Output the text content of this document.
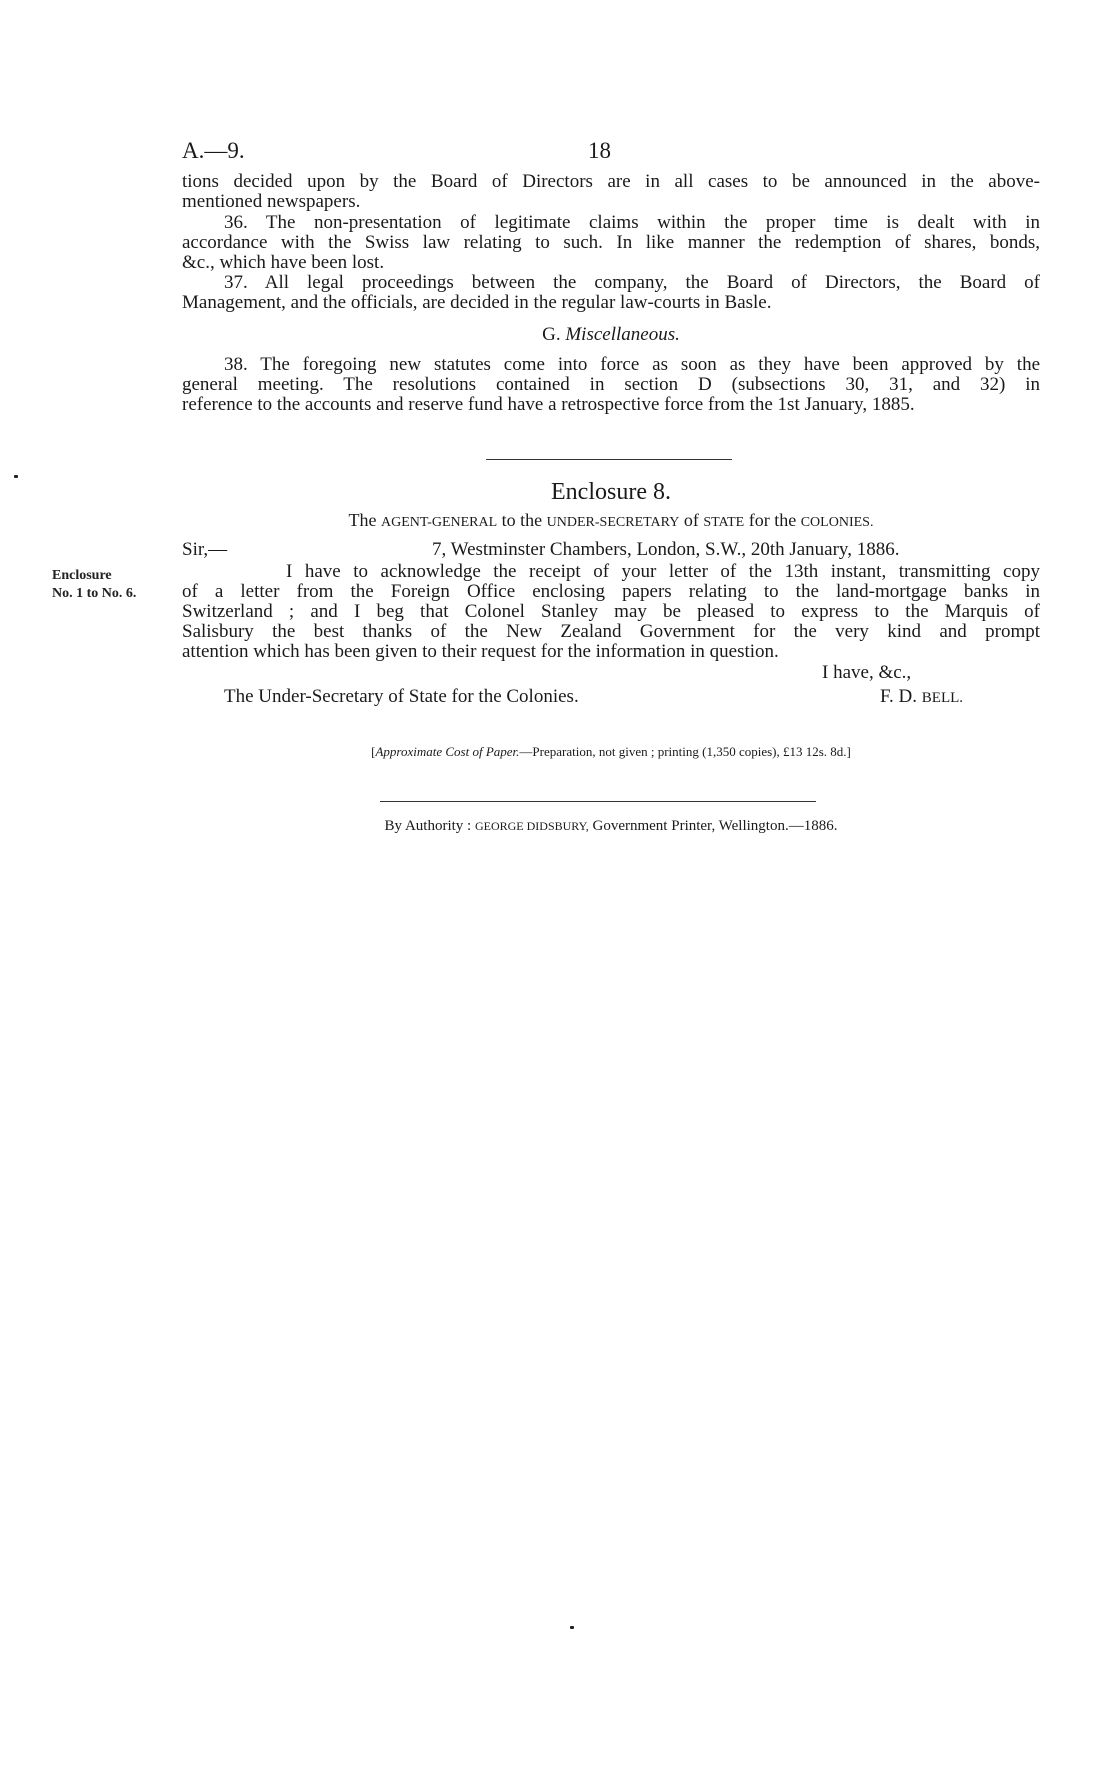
A.—9.	18
tions decided upon by the Board of Directors are in all cases to be announced in the above-
mentioned newspapers.
36. The non-presentation of legitimate claims within the proper time is dealt with in
accordance with the Swiss law relating to such. In like manner the redemption of shares, bonds,
&c., which have been lost.
37. All legal proceedings between the company, the Board of Directors, the Board of
Management, and the officials, are decided in the regular law-courts in Basle.
G. Miscellaneous.
38. The foregoing new statutes come into force as soon as they have been approved by the
general meeting. The resolutions contained in section D (subsections 30, 31, and 32) in
reference to the accounts and reserve fund have a retrospective force from the 1st January, 1885.
Enclosure 8.
The AGENT-GENERAL to the UNDER-SECRETARY of STATE for the COLONIES.
Sir,—	7, Westminster Chambers, London, S.W., 20th January, 1886.
I have to acknowledge the receipt of your letter of the 13th instant, transmitting copy
of a letter from the Foreign Office enclosing papers relating to the land-mortgage banks in
Switzerland ; and I beg that Colonel Stanley may be pleased to express to the Marquis of
Salisbury the best thanks of the New Zealand Government for the very kind and prompt
attention which has been given to their request for the information in question.
I have, &c.,
The Under-Secretary of State for the Colonies.	F. D. BELL.
Enclosure
No. 1 to No. 6.
[Approximate Cost of Paper.—Preparation, not given ; printing (1,350 copies), £13 12s. 8d.]
By Authority : GEORGE DIDSBURY, Government Printer, Wellington.—1886.
